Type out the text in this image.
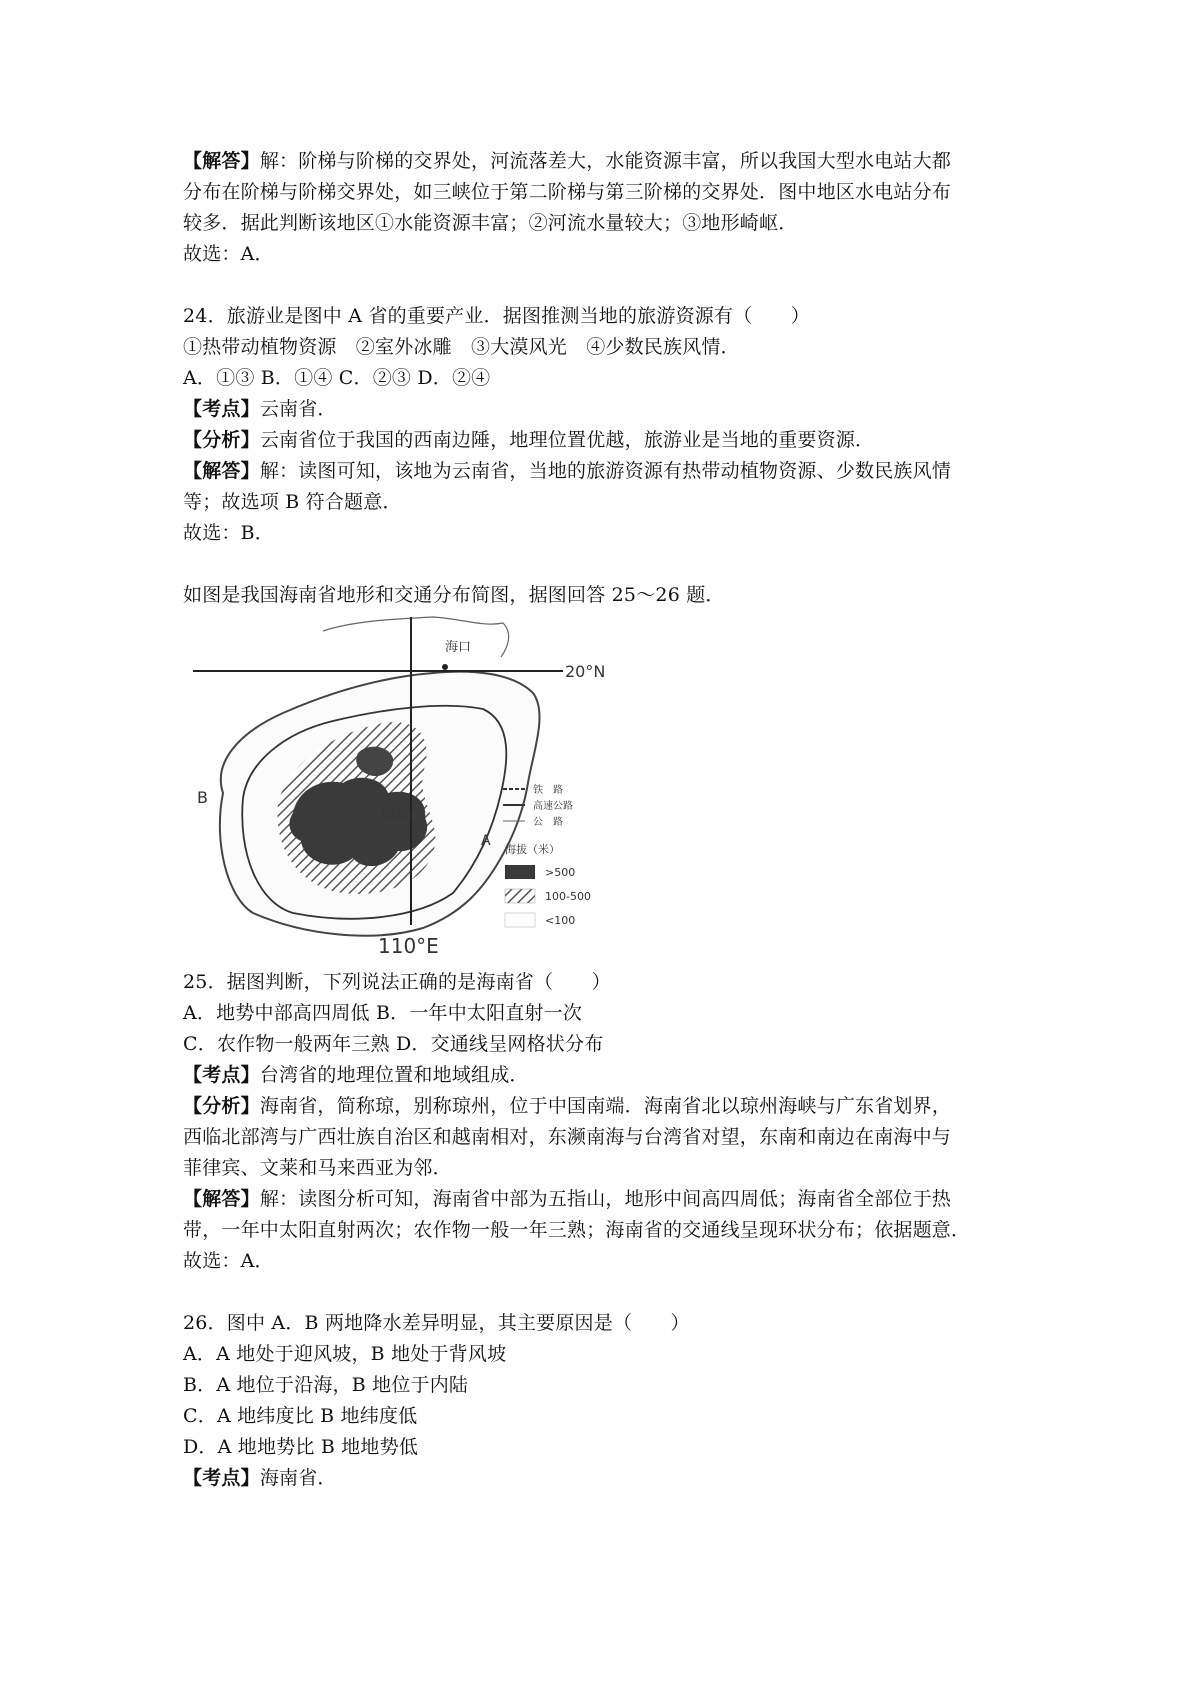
【解答】解：阶梯与阶梯的交界处，河流落差大，水能资源丰富，所以我国大型水电站大都
分布在阶梯与阶梯交界处，如三峡位于第二阶梯与第三阶梯的交界处．图中地区水电站分布
较多．据此判断该地区①水能资源丰富；②河流水量较大；③地形崎岖．
故选：A．
24．旅游业是图中 A 省的重要产业．据图推测当地的旅游资源有（　　）
①热带动植物资源　②室外冰雕　③大漠风光　④少数民族风情．
A．①③ B．①④ C．②③ D．②④
【考点】云南省．
【分析】云南省位于我国的西南边陲，地理位置优越，旅游业是当地的重要资源．
【解答】解：读图可知，该地为云南省，当地的旅游资源有热带动植物资源、少数民族风情
等；故选项 B 符合题意．
故选：B．
如图是我国海南省地形和交通分布简图，据图回答 25～26 题．
海口
20°N
110°E
B
A
五指山
铁　路
高速公路
公　路
海拔（米）
>500
100-500
<100
25．据图判断，下列说法正确的是海南省（　　）
A．地势中部高四周低 B．一年中太阳直射一次
C．农作物一般两年三熟 D．交通线呈网格状分布
【考点】台湾省的地理位置和地域组成．
【分析】海南省，简称琼，别称琼州，位于中国南端．海南省北以琼州海峡与广东省划界，
西临北部湾与广西壮族自治区和越南相对，东濒南海与台湾省对望，东南和南边在南海中与
菲律宾、文莱和马来西亚为邻．
【解答】解：读图分析可知，海南省中部为五指山，地形中间高四周低；海南省全部位于热
带，一年中太阳直射两次；农作物一般一年三熟；海南省的交通线呈现环状分布；依据题意．
故选：A．
26．图中 A．B 两地降水差异明显，其主要原因是（　　）
A．A 地处于迎风坡，B 地处于背风坡
B．A 地位于沿海，B 地位于内陆
C．A 地纬度比 B 地纬度低
D．A 地地势比 B 地地势低
【考点】海南省．
